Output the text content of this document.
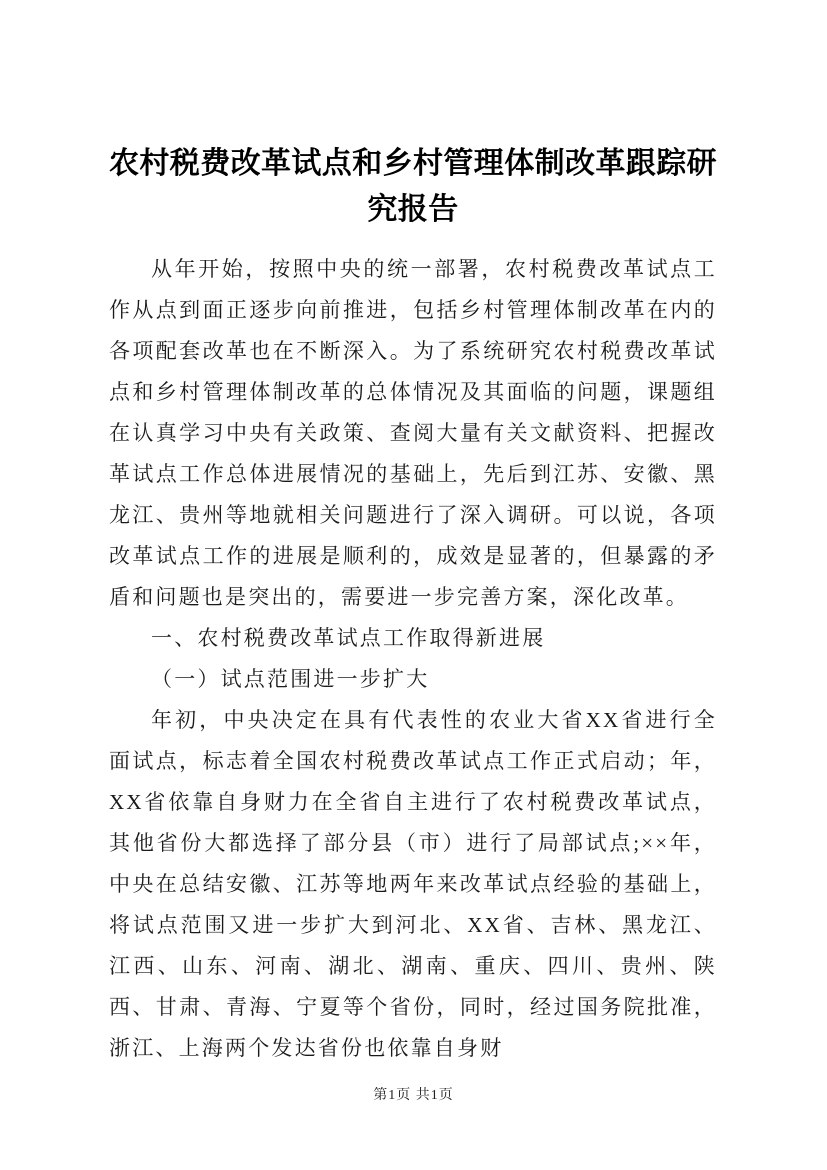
农村税费改革试点和乡村管理体制改革跟踪研究报告

从年开始，按照中央的统一部署，农村税费改革试点工作从点到面正逐步向前推进，包括乡村管理体制改革在内的各项配套改革也在不断深入。为了系统研究农村税费改革试点和乡村管理体制改革的总体情况及其面临的问题，课题组在认真学习中央有关政策、查阅大量有关文献资料、把握改革试点工作总体进展情况的基础上，先后到江苏、安徽、黑龙江、贵州等地就相关问题进行了深入调研。可以说，各项改革试点工作的进展是顺利的，成效是显著的，但暴露的矛盾和问题也是突出的，需要进一步完善方案，深化改革。

一、农村税费改革试点工作取得新进展

（一）试点范围进一步扩大

年初，中央决定在具有代表性的农业大省XX省进行全面试点，标志着全国农村税费改革试点工作正式启动；年，XX省依靠自身财力在全省自主进行了农村税费改革试点，其他省份大都选择了部分县（市）进行了局部试点;××年，中央在总结安徽、江苏等地两年来改革试点经验的基础上，将试点范围又进一步扩大到河北、XX省、吉林、黑龙江、江西、山东、河南、湖北、湖南、重庆、四川、贵州、陕西、甘肃、青海、宁夏等个省份，同时，经过国务院批准，浙江、上海两个发达省份也依靠自身财

第1页 共1页
